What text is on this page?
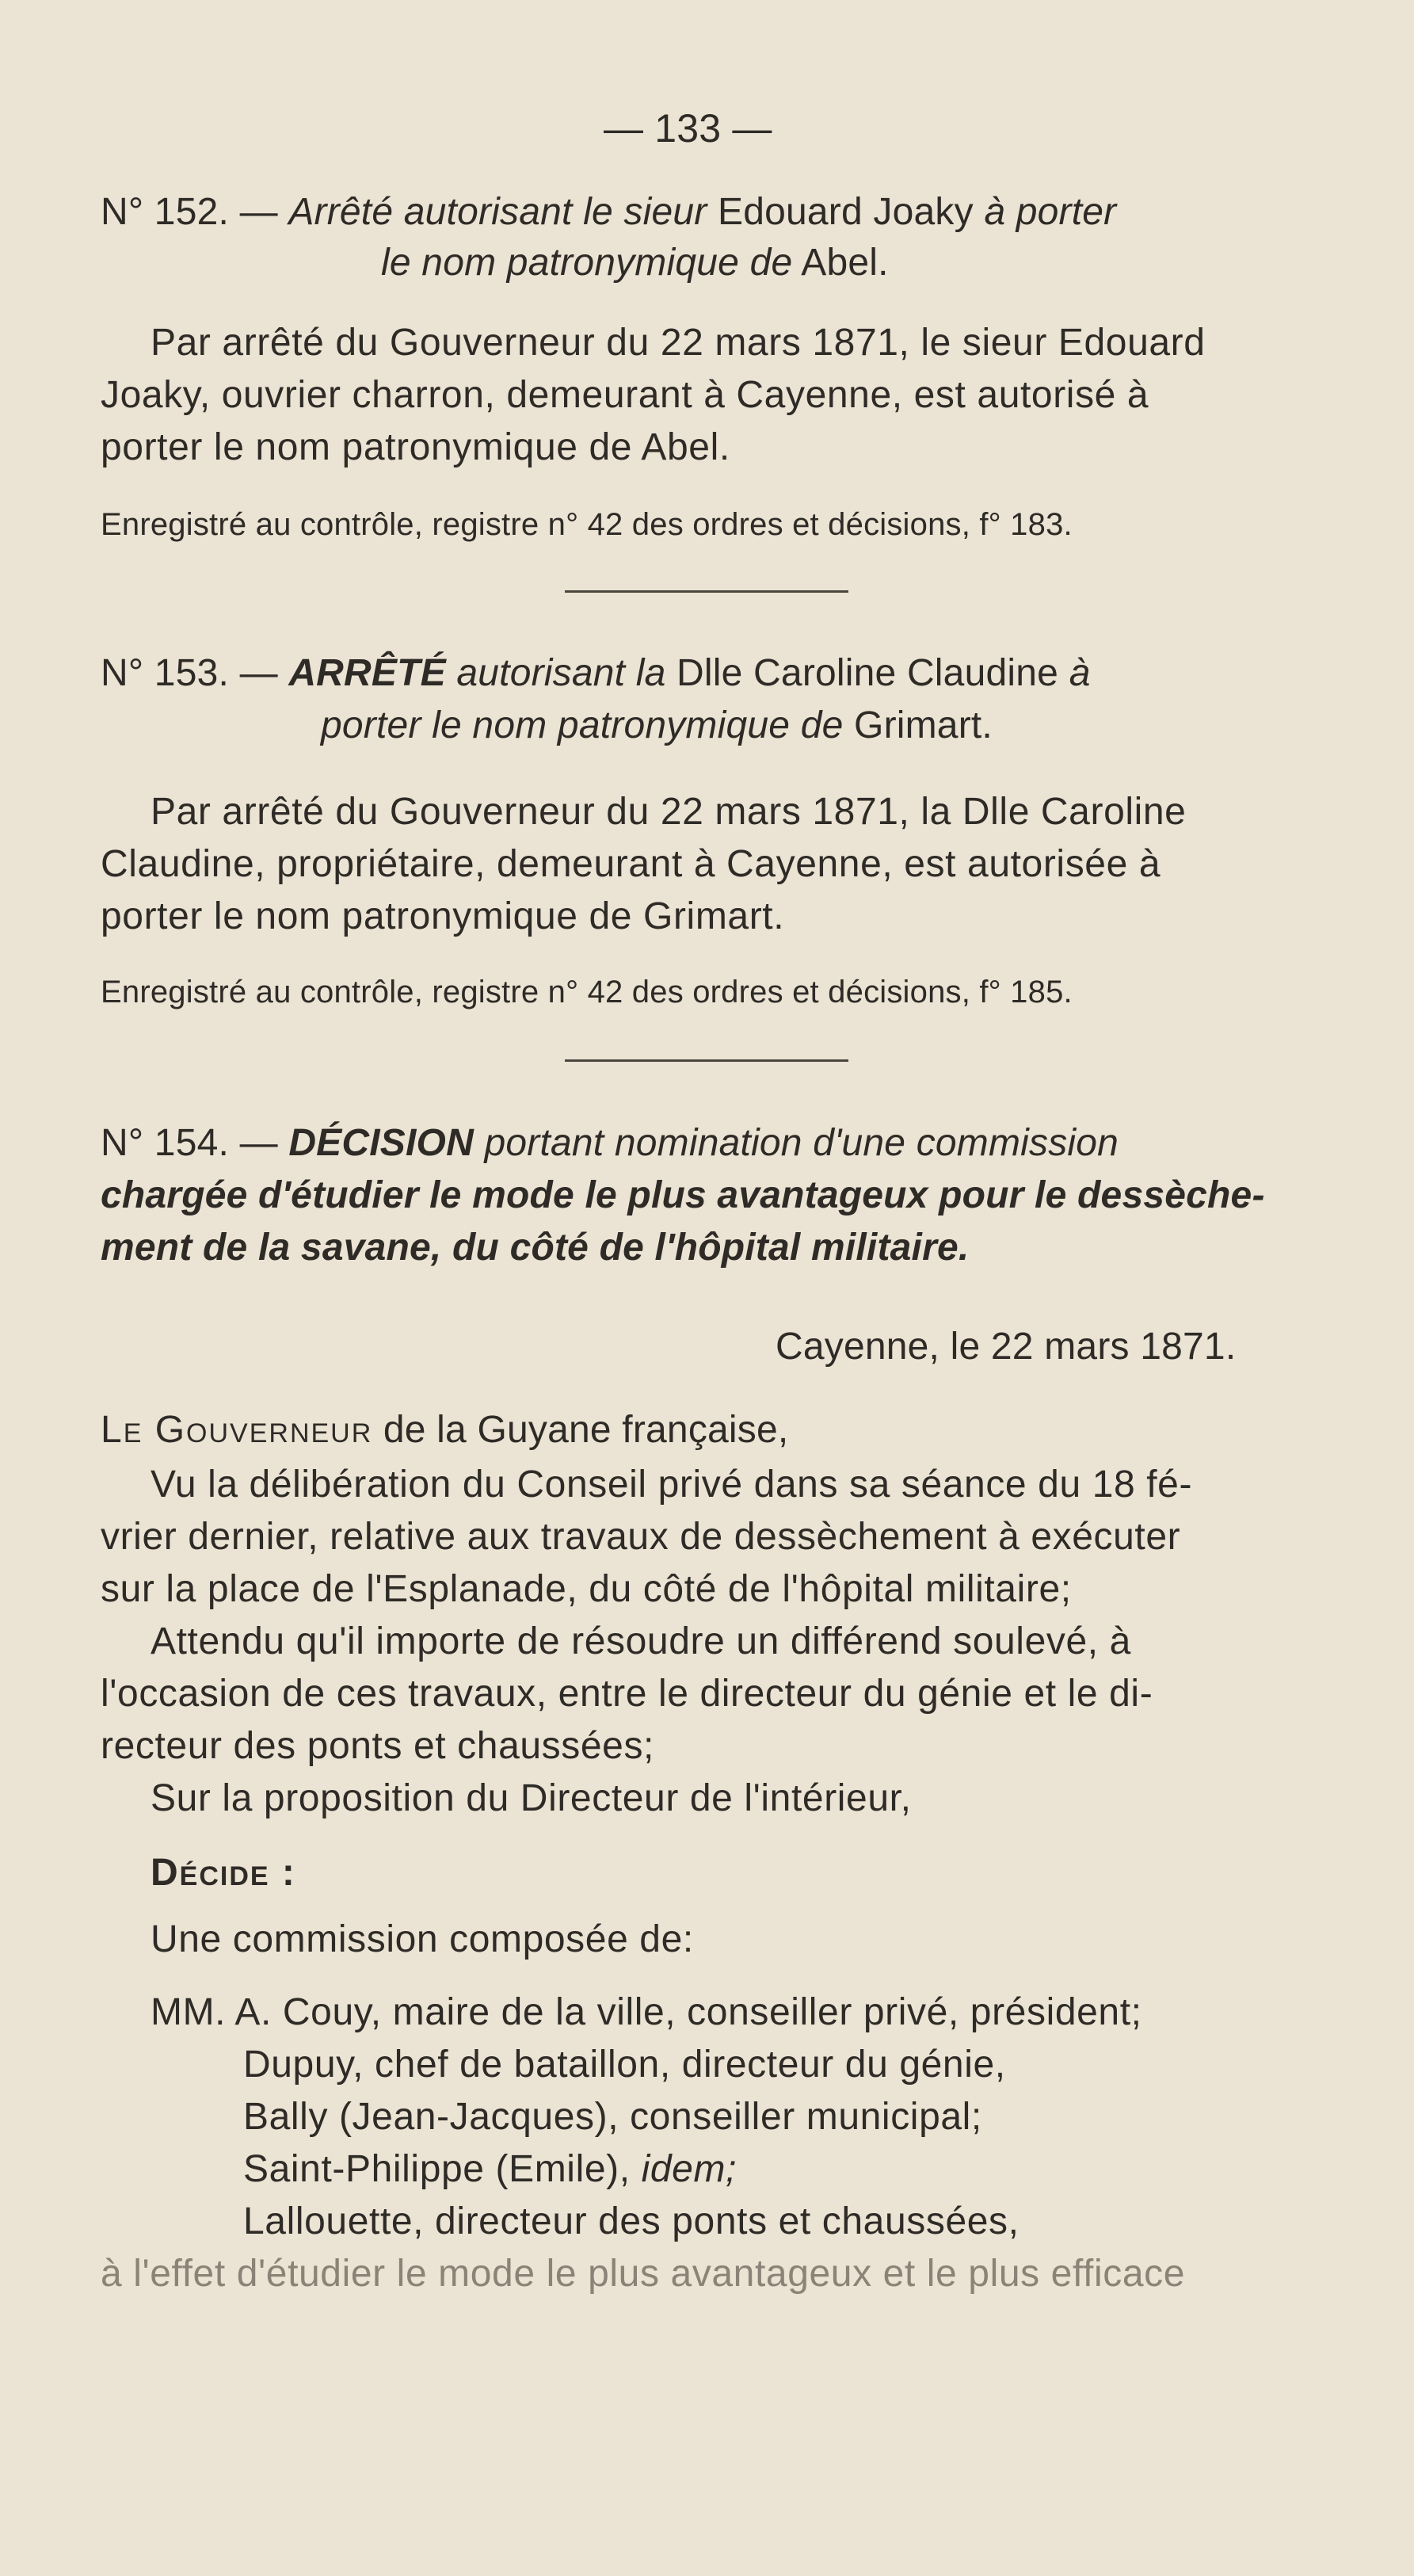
— 133 —

N° 152. — Arrêté autorisant le sieur Edouard Joaky à porter

le nom patronymique de Abel.

Par arrêté du Gouverneur du 22 mars 1871, le sieur Edouard

Joaky, ouvrier charron, demeurant à Cayenne, est autorisé à

porter le nom patronymique de Abel.

Enregistré au contrôle, registre n° 42 des ordres et décisions, f° 183.

N° 153. — ARRÊTÉ autorisant la Dlle Caroline Claudine à

porter le nom patronymique de Grimart.

Par arrêté du Gouverneur du 22 mars 1871, la Dlle Caroline

Claudine, propriétaire, demeurant à Cayenne, est autorisée à

porter le nom patronymique de Grimart.

Enregistré au contrôle, registre n° 42 des ordres et décisions, f° 185.

N° 154. — DÉCISION portant nomination d'une commission

chargée d'étudier le mode le plus avantageux pour le dessèche-

ment de la savane, du côté de l'hôpital militaire.

Cayenne, le 22 mars 1871.

Le Gouverneur de la Guyane française,

Vu la délibération du Conseil privé dans sa séance du 18 fé-

vrier dernier, relative aux travaux de dessèchement à exécuter

sur la place de l'Esplanade, du côté de l'hôpital militaire;

Attendu qu'il importe de résoudre un différend soulevé, à

l'occasion de ces travaux, entre le directeur du génie et le di-

recteur des ponts et chaussées;

Sur la proposition du Directeur de l'intérieur,

Décide :

Une commission composée de:

MM. A. Couy, maire de la ville, conseiller privé, président;

Dupuy, chef de bataillon, directeur du génie,

Bally (Jean-Jacques), conseiller municipal;

Saint-Philippe (Emile), idem;

Lallouette, directeur des ponts et chaussées,

à l'effet d'étudier le mode le plus avantageux et le plus efficace
